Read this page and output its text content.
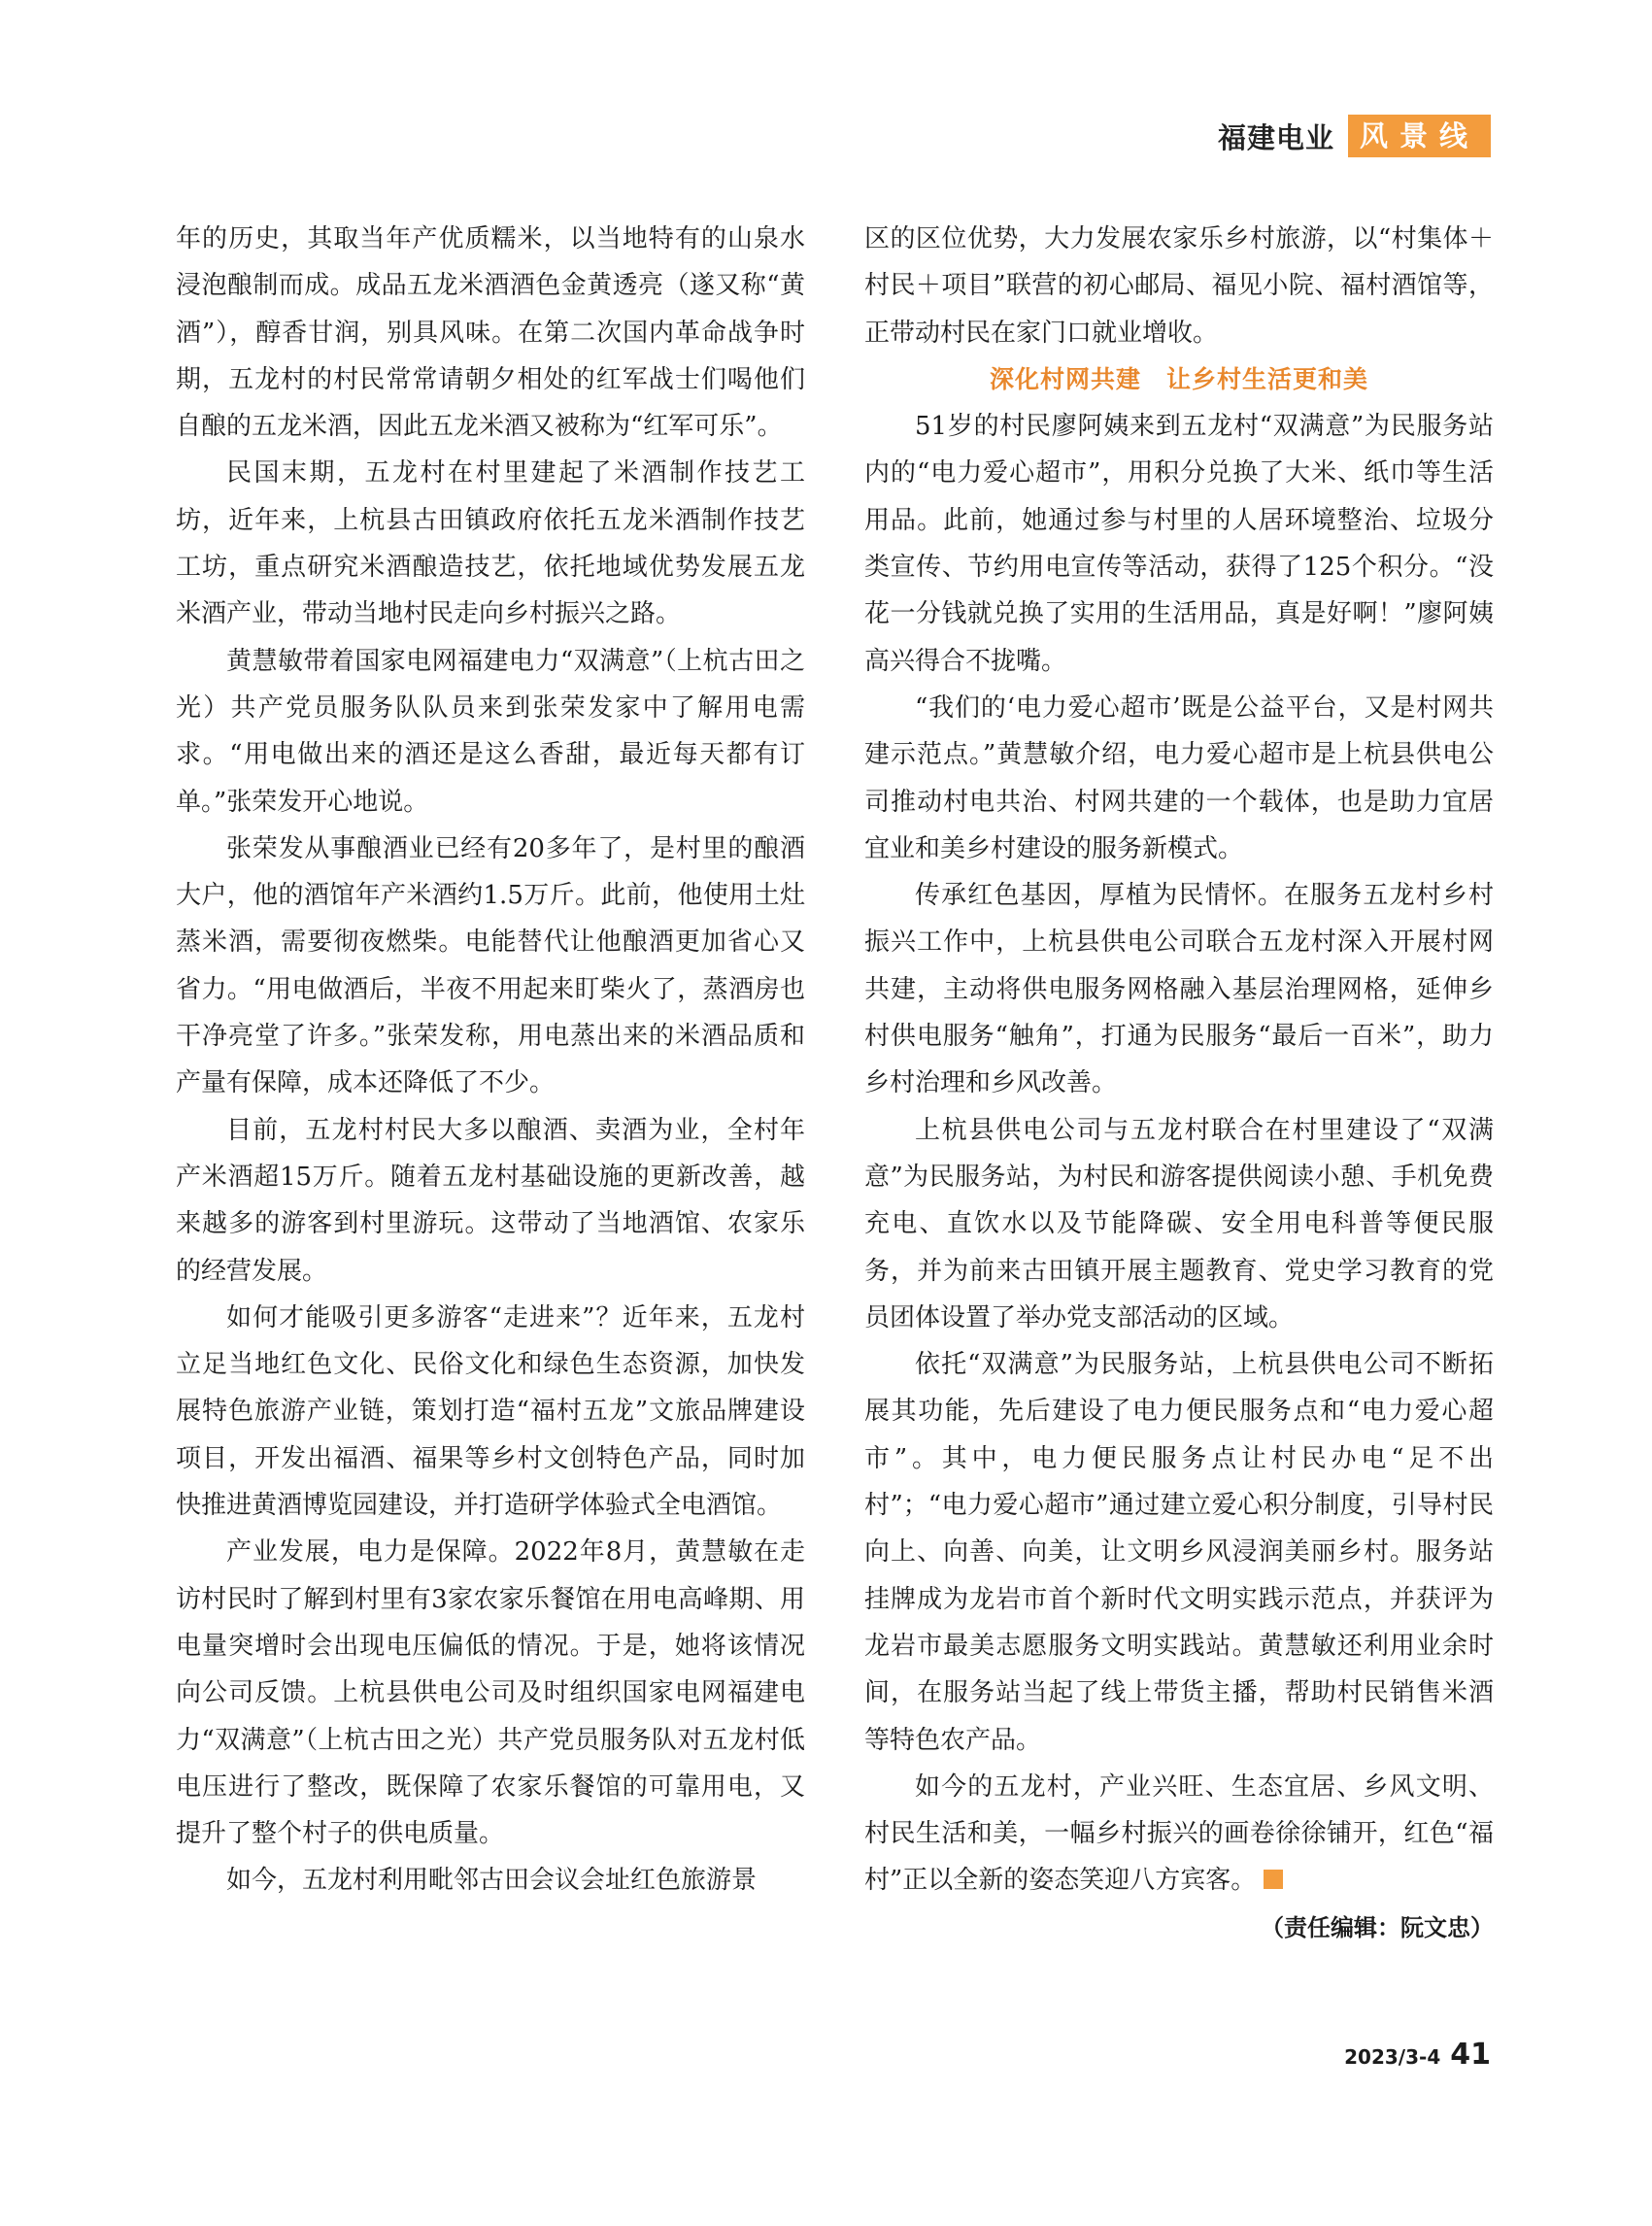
福建电业 风景线

年的历史，其取当年产优质糯米，以当地特有的山泉水浸泡酿制而成。成品五龙米酒酒色金黄透亮（遂又称“黄酒”），醇香甘润，别具风味。在第二次国内革命战争时期，五龙村的村民常常请朝夕相处的红军战士们喝他们自酿的五龙米酒，因此五龙米酒又被称为“红军可乐”。

民国末期，五龙村在村里建起了米酒制作技艺工坊，近年来，上杭县古田镇政府依托五龙米酒制作技艺工坊，重点研究米酒酿造技艺，依托地域优势发展五龙米酒产业，带动当地村民走向乡村振兴之路。

黄慧敏带着国家电网福建电力“双满意”（上杭古田之光）共产党员服务队队员来到张荣发家中了解用电需求。“用电做出来的酒还是这么香甜，最近每天都有订单。”张荣发开心地说。

张荣发从事酿酒业已经有20多年了，是村里的酿酒大户，他的酒馆年产米酒约1.5万斤。此前，他使用土灶蒸米酒，需要彻夜燃柴。电能替代让他酿酒更加省心又省力。“用电做酒后，半夜不用起来盯柴火了，蒸酒房也干净亮堂了许多。”张荣发称，用电蒸出来的米酒品质和产量有保障，成本还降低了不少。

目前，五龙村村民大多以酿酒、卖酒为业，全村年产米酒超15万斤。随着五龙村基础设施的更新改善，越来越多的游客到村里游玩。这带动了当地酒馆、农家乐的经营发展。

如何才能吸引更多游客“走进来”？近年来，五龙村立足当地红色文化、民俗文化和绿色生态资源，加快发展特色旅游产业链，策划打造“福村五龙”文旅品牌建设项目，开发出福酒、福果等乡村文创特色产品，同时加快推进黄酒博览园建设，并打造研学体验式全电酒馆。

产业发展，电力是保障。2022年8月，黄慧敏在走访村民时了解到村里有3家农家乐餐馆在用电高峰期、用电量突增时会出现电压偏低的情况。于是，她将该情况向公司反馈。上杭县供电公司及时组织国家电网福建电力“双满意”（上杭古田之光）共产党员服务队对五龙村低电压进行了整改，既保障了农家乐餐馆的可靠用电，又提升了整个村子的供电质量。

如今，五龙村利用毗邻古田会议会址红色旅游景

区的区位优势，大力发展农家乐乡村旅游，以“村集体＋村民＋项目”联营的初心邮局、福见小院、福村酒馆等，正带动村民在家门口就业增收。

深化村网共建　让乡村生活更和美

51岁的村民廖阿姨来到五龙村“双满意”为民服务站内的“电力爱心超市”，用积分兑换了大米、纸巾等生活用品。此前，她通过参与村里的人居环境整治、垃圾分类宣传、节约用电宣传等活动，获得了125个积分。“没花一分钱就兑换了实用的生活用品，真是好啊！”廖阿姨高兴得合不拢嘴。

“我们的‘电力爱心超市’既是公益平台，又是村网共建示范点。”黄慧敏介绍，电力爱心超市是上杭县供电公司推动村电共治、村网共建的一个载体，也是助力宜居宜业和美乡村建设的服务新模式。

传承红色基因，厚植为民情怀。在服务五龙村乡村振兴工作中，上杭县供电公司联合五龙村深入开展村网共建，主动将供电服务网格融入基层治理网格，延伸乡村供电服务“触角”，打通为民服务“最后一百米”，助力乡村治理和乡风改善。

上杭县供电公司与五龙村联合在村里建设了“双满意”为民服务站，为村民和游客提供阅读小憩、手机免费充电、直饮水以及节能降碳、安全用电科普等便民服务，并为前来古田镇开展主题教育、党史学习教育的党员团体设置了举办党支部活动的区域。

依托“双满意”为民服务站，上杭县供电公司不断拓展其功能，先后建设了电力便民服务点和“电力爱心超市”。其中，电力便民服务点让村民办电“足不出村”；“电力爱心超市”通过建立爱心积分制度，引导村民向上、向善、向美，让文明乡风浸润美丽乡村。服务站挂牌成为龙岩市首个新时代文明实践示范点，并获评为龙岩市最美志愿服务文明实践站。黄慧敏还利用业余时间，在服务站当起了线上带货主播，帮助村民销售米酒等特色农产品。

如今的五龙村，产业兴旺、生态宜居、乡风文明、村民生活和美，一幅乡村振兴的画卷徐徐铺开，红色“福村”正以全新的姿态笑迎八方宾客。

（责任编辑：阮文忠）

2023/3-4 41
